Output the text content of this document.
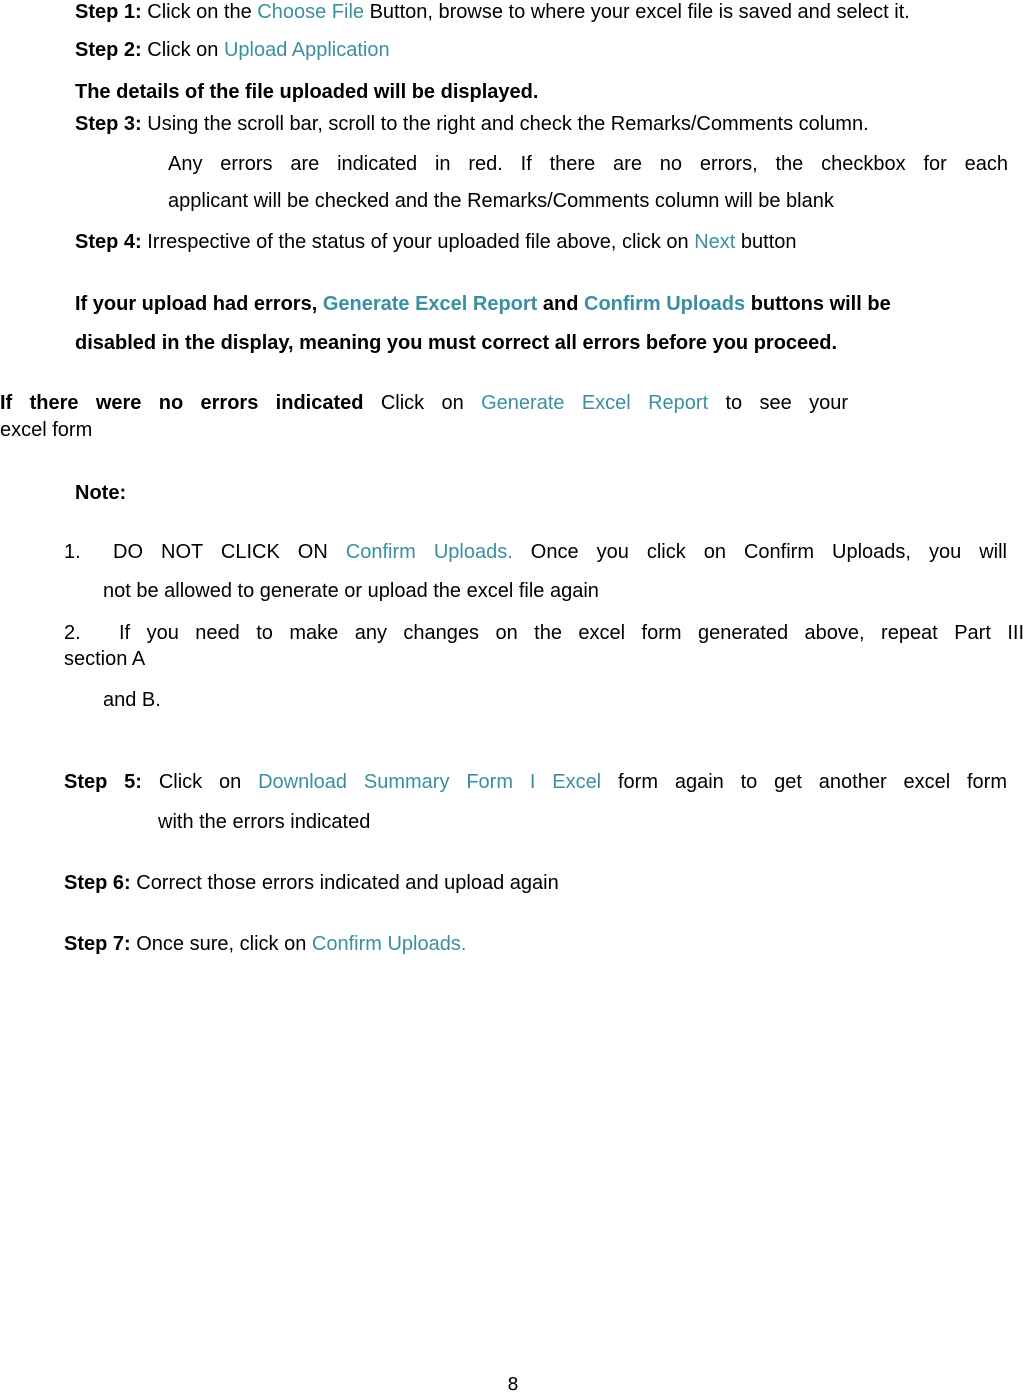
Step 1: Click on the Choose File Button, browse to where your excel file is saved and select it.
Step 2: Click on Upload Application
The details of the file uploaded will be displayed.
Step 3: Using the scroll bar, scroll to the right and check the Remarks/Comments column.
Any errors are indicated in red. If there are no errors, the checkbox for each
applicant will be checked and the Remarks/Comments column will be blank
Step 4: Irrespective of the status of your uploaded file above, click on Next button
If your upload had errors, Generate Excel Report and Confirm Uploads buttons will be
disabled in the display, meaning you must correct all errors before you proceed.
If there were no errors indicated Click on Generate Excel Report to see your
excel form
Note:
1. DO NOT CLICK ON Confirm Uploads. Once you click on Confirm Uploads, you will
not be allowed to generate or upload the excel file again
2. If you need to make any changes on the excel form generated above, repeat Part III
section A
and B.
Step 5: Click on Download Summary Form I Excel form again to get another excel form
with the errors indicated
Step 6: Correct those errors indicated and upload again
Step 7: Once sure, click on Confirm Uploads.
8
